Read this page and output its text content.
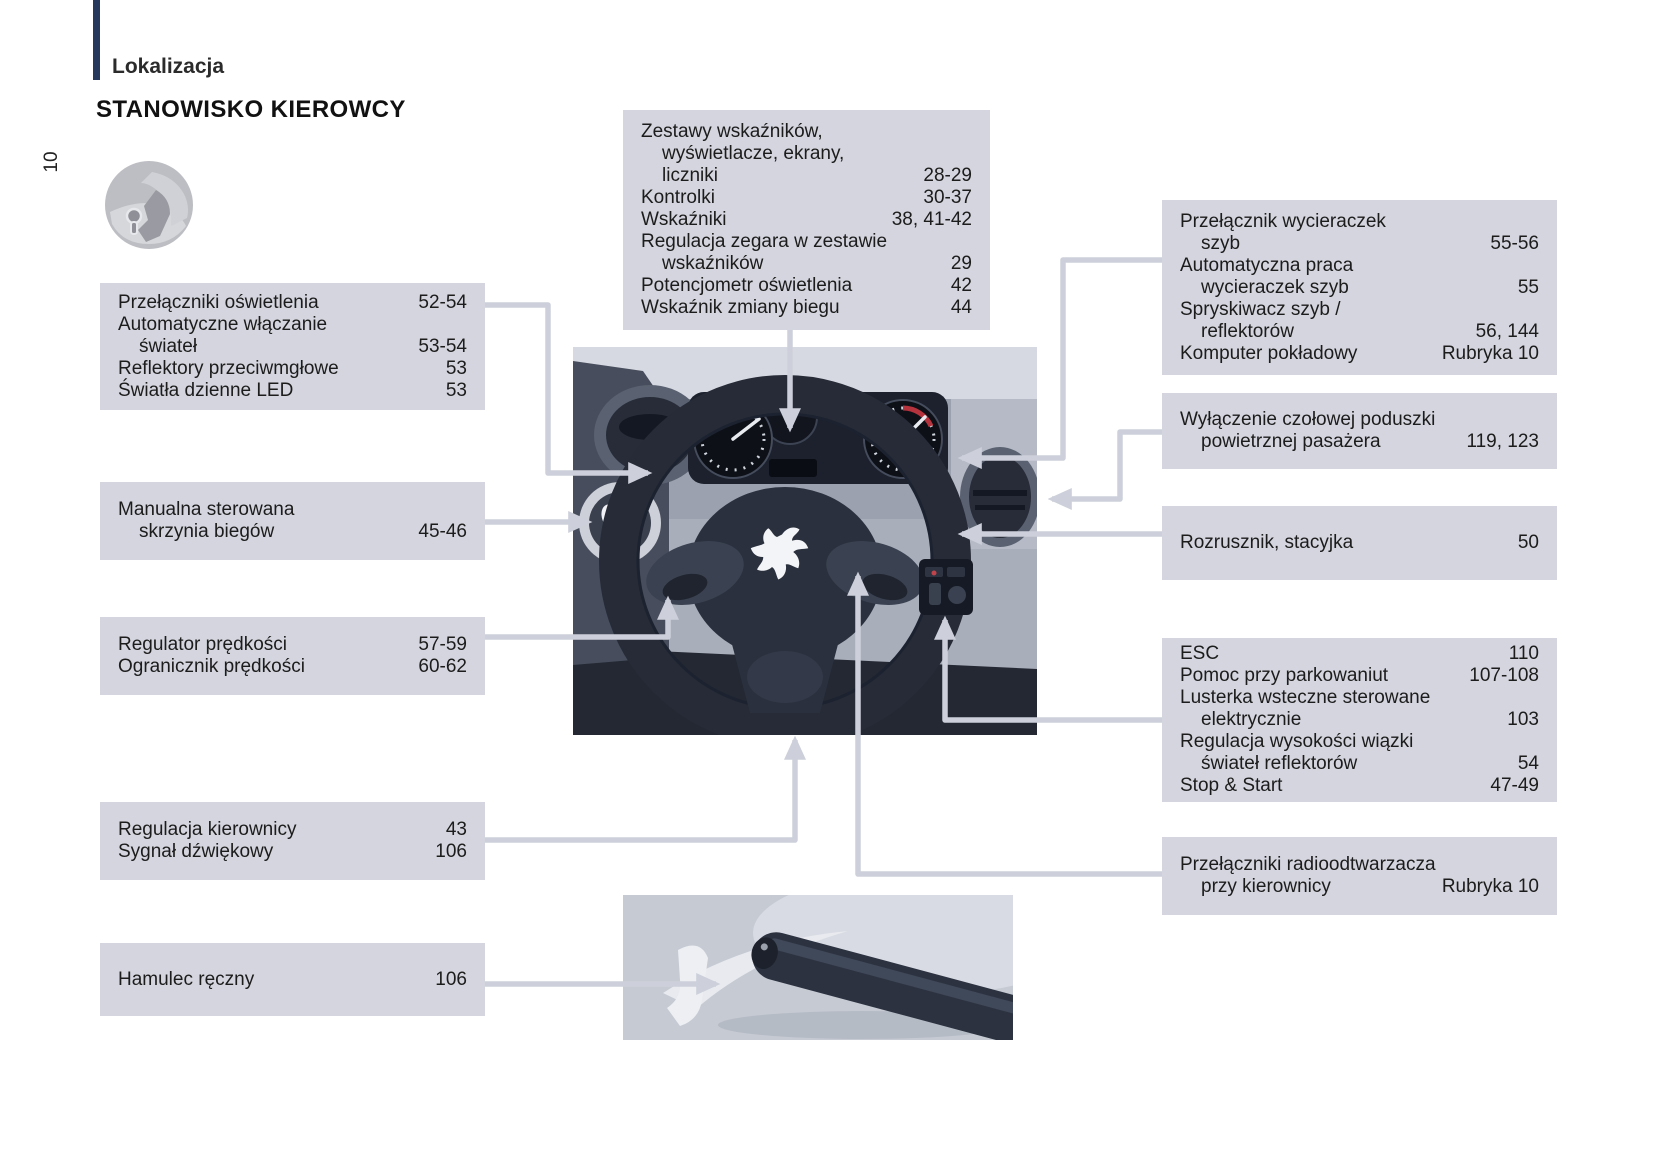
Lokalizacja
STANOWISKO KIEROWCY
10
Przełączniki oświetlenia	52-54
Automatyczne włączanie
świateł	53-54
Reflektory przeciwmgłowe	53
Światła dzienne LED	53
Manualna sterowana
skrzynia biegów	45-46
Regulator prędkości	57-59
Ogranicznik prędkości	60-62
Regulacja kierownicy	43
Sygnał dźwiękowy	106
Hamulec ręczny	106
Zestawy wskaźników,
wyświetlacze, ekrany,
liczniki	28-29
Kontrolki	30-37
Wskaźniki	38, 41-42
Regulacja zegara w zestawie
wskaźników	29
Potencjometr oświetlenia	42
Wskaźnik zmiany biegu	44
Przełącznik wycieraczek
szyb	55-56
Automatyczna praca
wycieraczek szyb	55
Spryskiwacz szyb /
reflektorów	56, 144
Komputer pokładowy	Rubryka 10
Wyłączenie czołowej poduszki
powietrznej pasażera	119, 123
Rozrusznik, stacyjka	50
ESC	110
Pomoc przy parkowaniut	107-108
Lusterka wsteczne sterowane
elektrycznie	103
Regulacja wysokości wiązki
świateł reflektorów	54
Stop & Start	47-49
Przełączniki radioodtwarzacza
przy kierownicy	Rubryka 10
